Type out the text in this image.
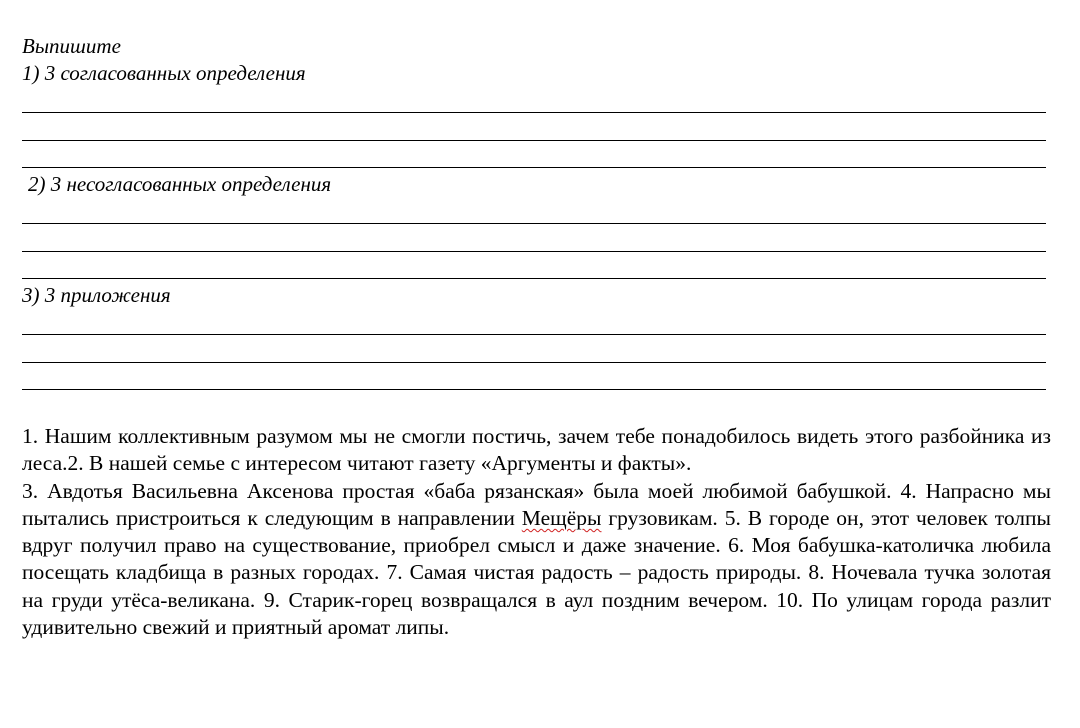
Выпишите
1) 3 согласованных определения
2) 3 несогласованных определения
3) 3 приложения

1. Нашим коллективным разумом мы не смогли постичь, зачем тебе понадобилось видеть этого разбойника из леса.2. В нашей семье с интересом читают газету «Аргументы и факты».

3. Авдотья Васильевна Аксенова простая «баба рязанская» была моей любимой бабушкой. 4. Напрасно мы пытались пристроиться к следующим в направлении Мещёры грузовикам. 5. В городе он, этот человек толпы вдруг получил право на существование, приобрел смысл и даже значение. 6. Моя бабушка-католичка любила посещать кладбища в разных городах. 7. Самая чистая радость – радость природы. 8. Ночевала тучка золотая на груди утёса-великана. 9. Старик-горец возвращался в аул поздним вечером. 10. По улицам города разлит удивительно свежий и приятный аромат липы.
